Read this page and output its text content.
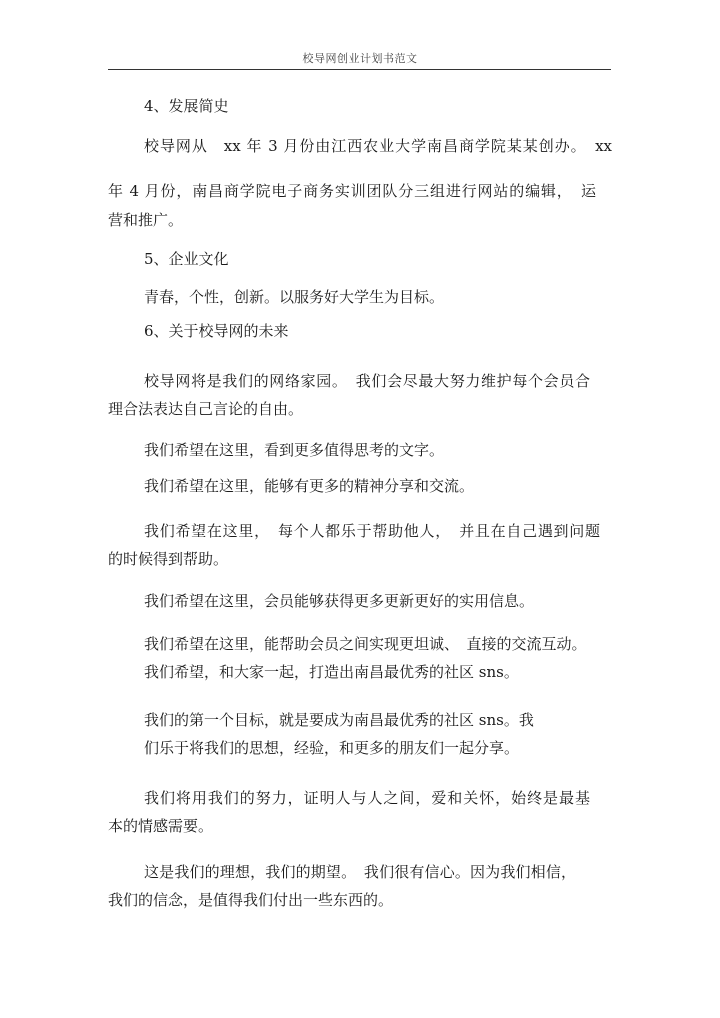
校导网创业计划书范文
4、发展简史
校导网从　xx 年 3 月份由江西农业大学南昌商学院某某创办。　xx
年 4 月份，南昌商学院电子商务实训团队分三组进行网站的编辑，　运
营和推广。
5、企业文化
青春，个性，创新。以服务好大学生为目标。
6、关于校导网的未来
校导网将是我们的网络家园。　我们会尽最大努力维护每个会员合
理合法表达自己言论的自由。
我们希望在这里，看到更多值得思考的文字。
我们希望在这里，能够有更多的精神分享和交流。
我们希望在这里，　每个人都乐于帮助他人，　并且在自己遇到问题
的时候得到帮助。
我们希望在这里，会员能够获得更多更新更好的实用信息。
我们希望在这里，能帮助会员之间实现更坦诚、　直接的交流互动。
我们希望，和大家一起，打造出南昌最优秀的社区 sns。
我们的第一个目标，就是要成为南昌最优秀的社区 sns。我
们乐于将我们的思想，经验，和更多的朋友们一起分享。
我们将用我们的努力，证明人与人之间，爱和关怀，始终是最基
本的情感需要。
这是我们的理想，我们的期望。　我们很有信心。因为我们相信，
我们的信念，是值得我们付出一些东西的。
